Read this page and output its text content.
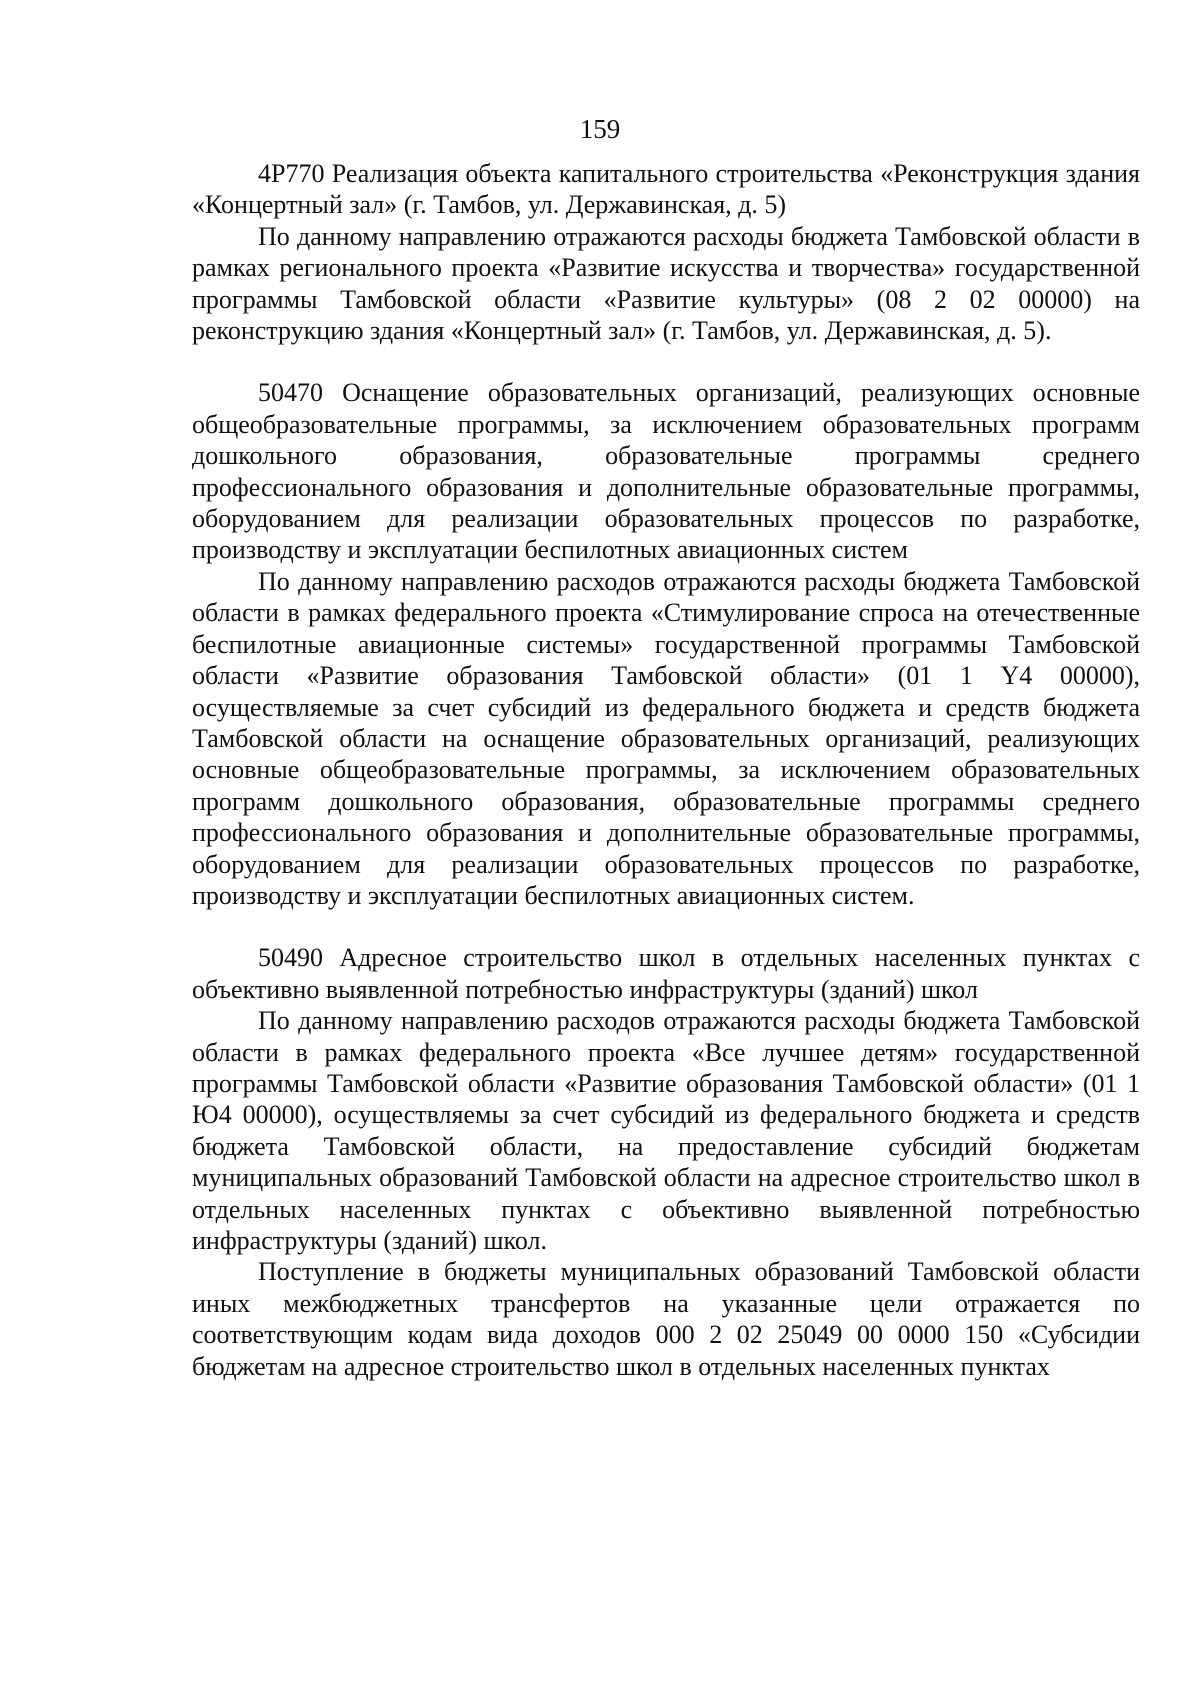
159

4Р770 Реализация объекта капитального строительства «Реконструкция здания «Концертный зал» (г. Тамбов, ул. Державинская, д. 5)

По данному направлению отражаются расходы бюджета Тамбовской области в рамках регионального проекта «Развитие искусства и творчества» государственной программы Тамбовской области «Развитие культуры» (08 2 02 00000) на реконструкцию здания «Концертный зал» (г. Тамбов, ул. Державинская, д. 5).

50470 Оснащение образовательных организаций, реализующих основные общеобразовательные программы, за исключением образовательных программ дошкольного образования, образовательные программы среднего профессионального образования и дополнительные образовательные программы, оборудованием для реализации образовательных процессов по разработке, производству и эксплуатации беспилотных авиационных систем

По данному направлению расходов отражаются расходы бюджета Тамбовской области в рамках федерального проекта «Стимулирование спроса на отечественные беспилотные авиационные системы» государственной программы Тамбовской области «Развитие образования Тамбовской области» (01 1 Y4 00000), осуществляемые за счет субсидий из федерального бюджета и средств бюджета Тамбовской области на оснащение образовательных организаций, реализующих основные общеобразовательные программы, за исключением образовательных программ дошкольного образования, образовательные программы среднего профессионального образования и дополнительные образовательные программы, оборудованием для реализации образовательных процессов по разработке, производству и эксплуатации беспилотных авиационных систем.

50490 Адресное строительство школ в отдельных населенных пунктах с объективно выявленной потребностью инфраструктуры (зданий) школ

По данному направлению расходов отражаются расходы бюджета Тамбовской области в рамках федерального проекта «Все лучшее детям» государственной программы Тамбовской области «Развитие образования Тамбовской области» (01 1 Ю4 00000), осуществляемы за счет субсидий из федерального бюджета и средств бюджета Тамбовской области, на предоставление субсидий бюджетам муниципальных образований Тамбовской области на адресное строительство школ в отдельных населенных пунктах с объективно выявленной потребностью инфраструктуры (зданий) школ.

Поступление в бюджеты муниципальных образований Тамбовской области иных межбюджетных трансфертов на указанные цели отражается по соответствующим кодам вида доходов 000 2 02 25049 00 0000 150 «Субсидии бюджетам на адресное строительство школ в отдельных населенных пунктах
